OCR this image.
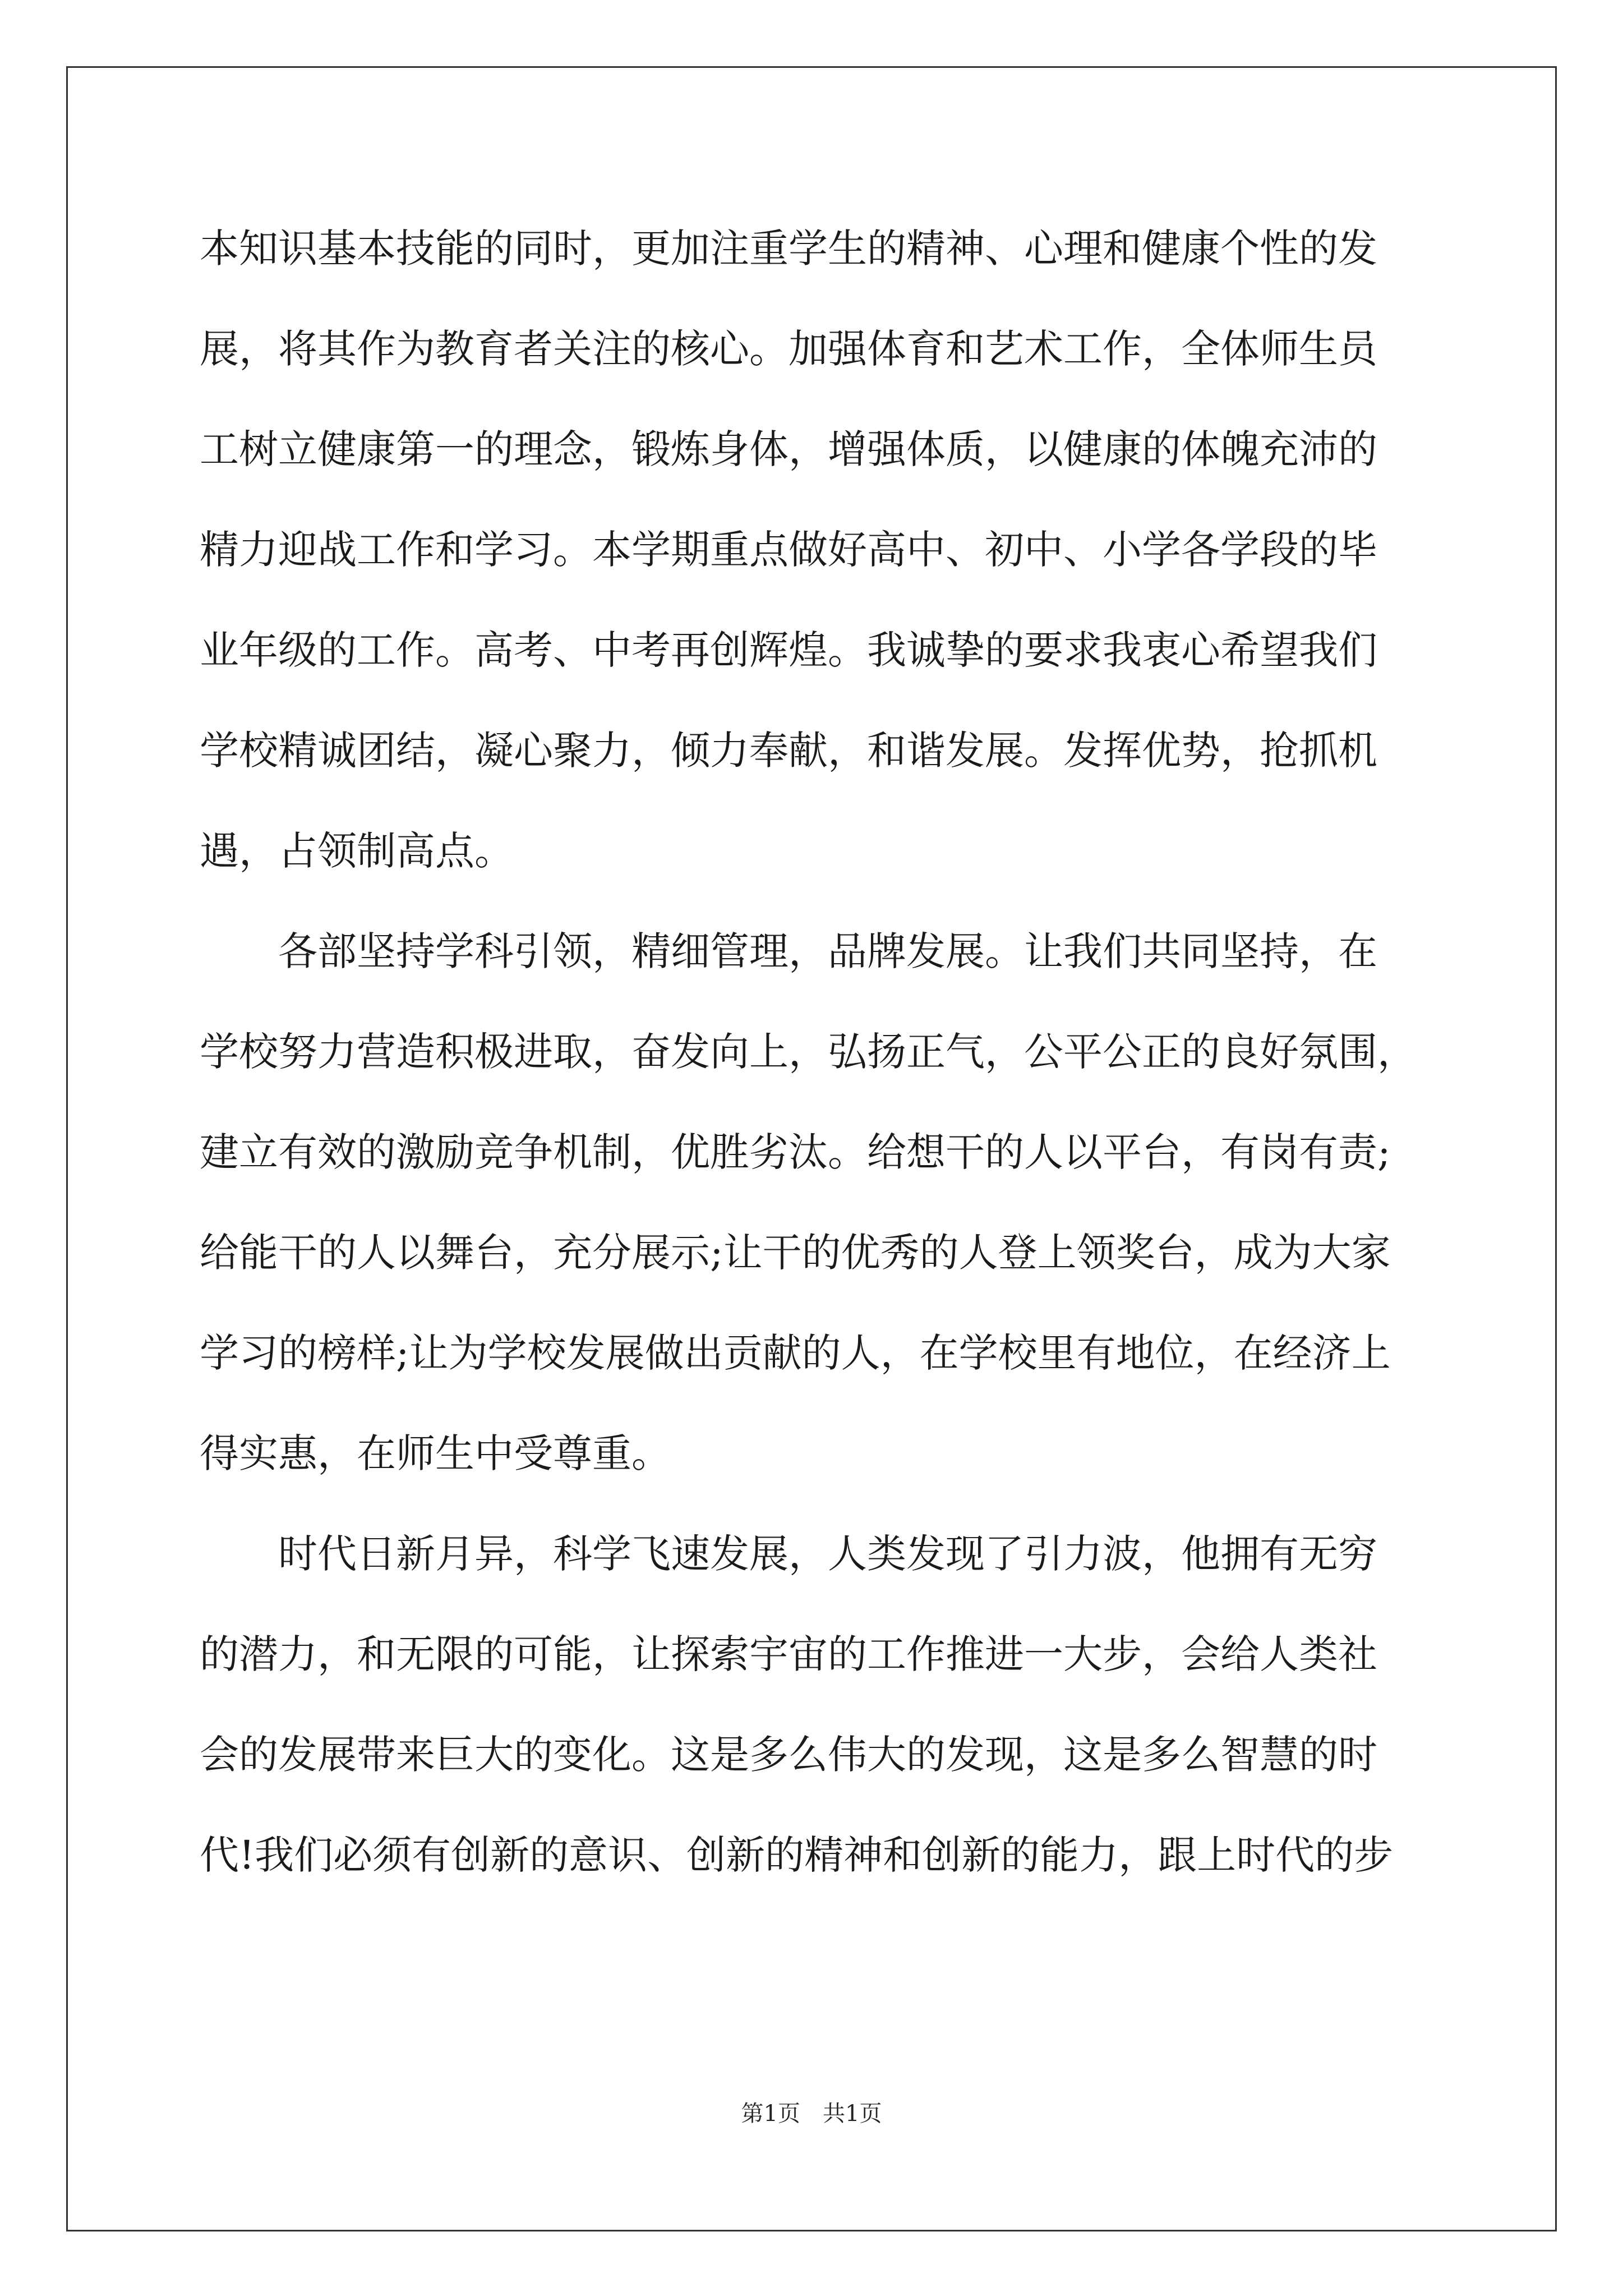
本知识基本技能的同时，更加注重学生的精神、心理和健康个性的发
展，将其作为教育者关注的核心。加强体育和艺术工作，全体师生员
工树立健康第一的理念，锻炼身体，增强体质，以健康的体魄充沛的
精力迎战工作和学习。本学期重点做好高中、初中、小学各学段的毕
业年级的工作。高考、中考再创辉煌。我诚挚的要求我衷心希望我们
学校精诚团结，凝心聚力，倾力奉献，和谐发展。发挥优势，抢抓机
遇，占领制高点。
　　各部坚持学科引领，精细管理，品牌发展。让我们共同坚持，在
学校努力营造积极进取，奋发向上，弘扬正气，公平公正的良好氛围，
建立有效的激励竞争机制，优胜劣汰。给想干的人以平台，有岗有责;
给能干的人以舞台，充分展示;让干的优秀的人登上领奖台，成为大家
学习的榜样;让为学校发展做出贡献的人，在学校里有地位，在经济上
得实惠，在师生中受尊重。
　　时代日新月异，科学飞速发展，人类发现了引力波，他拥有无穷
的潜力，和无限的可能，让探索宇宙的工作推进一大步，会给人类社
会的发展带来巨大的变化。这是多么伟大的发现，这是多么智慧的时
代!我们必须有创新的意识、创新的精神和创新的能力，跟上时代的步
第1页　共1页
